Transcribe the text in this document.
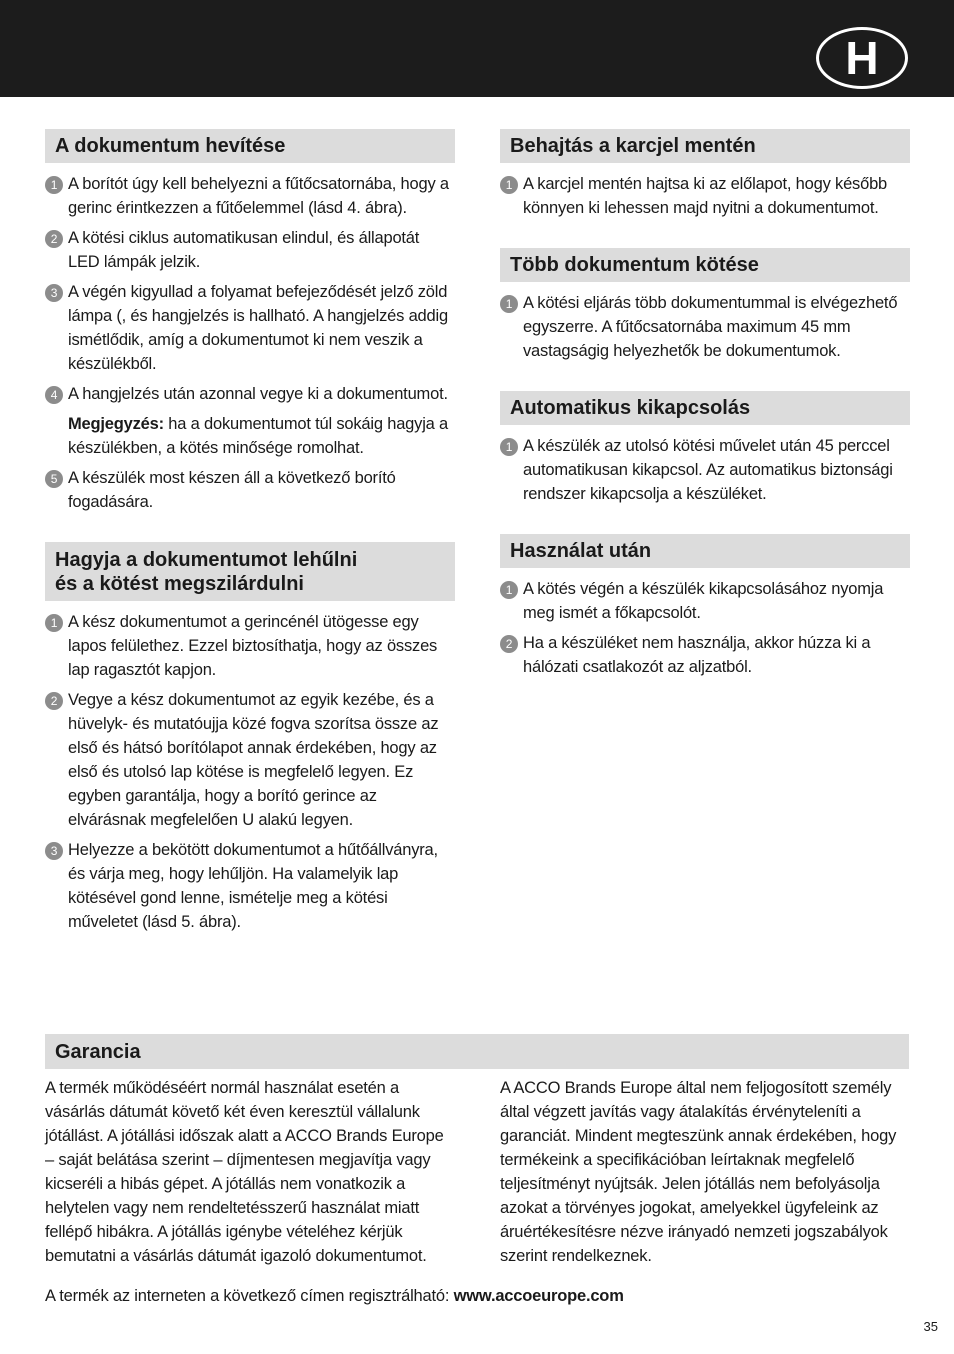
H
A dokumentum hevítése
1 A borítót úgy kell behelyezni a fűtőcsatornába, hogy a gerinc érintkezzen a fűtőelemmel (lásd 4. ábra).
2 A kötési ciklus automatikusan elindul, és állapotát LED lámpák jelzik.
3 A végén kigyullad a folyamat befejeződését jelző zöld lámpa (, és hangjelzés is hallható. A hangjelzés addig ismétlődik, amíg a dokumentumot ki nem veszik a készülékből.
4 A hangjelzés után azonnal vegye ki a dokumentumot.
Megjegyzés: ha a dokumentumot túl sokáig hagyja a készülékben, a kötés minősége romolhat.
5 A készülék most készen áll a következő borító fogadására.
Hagyja a dokumentumot lehűlni
és a kötést megszilárdulni
1 A kész dokumentumot a gerincénél ütögesse egy lapos felülethez. Ezzel biztosíthatja, hogy az összes lap ragasztót kapjon.
2 Vegye a kész dokumentumot az egyik kezébe, és a hüvelyk- és mutatóujja közé fogva szorítsa össze az első és hátsó borítólapot annak érdekében, hogy az első és utolsó lap kötése is megfelelő legyen. Ez egyben garantálja, hogy a borító gerince az elvárásnak megfelelően U alakú legyen.
3 Helyezze a bekötött dokumentumot a hűtőállványra, és várja meg, hogy lehűljön. Ha valamelyik lap kötésével gond lenne, ismételje meg a kötési műveletet (lásd 5. ábra).
Behajtás a karcjel mentén
1 A karcjel mentén hajtsa ki az előlapot, hogy később könnyen ki lehessen majd nyitni a dokumentumot.
Több dokumentum kötése
1 A kötési eljárás több dokumentummal is elvégezhető egyszerre. A fűtőcsatornába maximum 45 mm vastagságig helyezhetők be dokumentumok.
Automatikus kikapcsolás
1 A készülék az utolsó kötési művelet után 45 perccel automatikusan kikapcsol. Az automatikus biztonsági rendszer kikapcsolja a készüléket.
Használat után
1 A kötés végén a készülék kikapcsolásához nyomja meg ismét a főkapcsolót.
2 Ha a készüléket nem használja, akkor húzza ki a hálózati csatlakozót az aljzatból.
Garancia
A termék működéséért normál használat esetén a vásárlás dátumát követő két éven keresztül vállalunk jótállást. A jótállási időszak alatt a ACCO Brands Europe – saját belátása szerint – díjmentesen megjavítja vagy kicseréli a hibás gépet. A jótállás nem vonatkozik a helytelen vagy nem rendeltetésszerű használat miatt fellépő hibákra. A jótállás igénybe vételéhez kérjük bemutatni a vásárlás dátumát igazoló dokumentumot.
A ACCO Brands Europe által nem feljogosított személy által végzett javítás vagy átalakítás érvényteleníti a garanciát. Mindent megteszünk annak érdekében, hogy termékeink a specifikációban leírtaknak megfelelő teljesítményt nyújtsák. Jelen jótállás nem befolyásolja azokat a törvényes jogokat, amelyekkel ügyfeleink az áruértékesítésre nézve irányadó nemzeti jogszabályok szerint rendelkeznek.
A termék az interneten a következő címen regisztrálható: www.accoeurope.com
35
